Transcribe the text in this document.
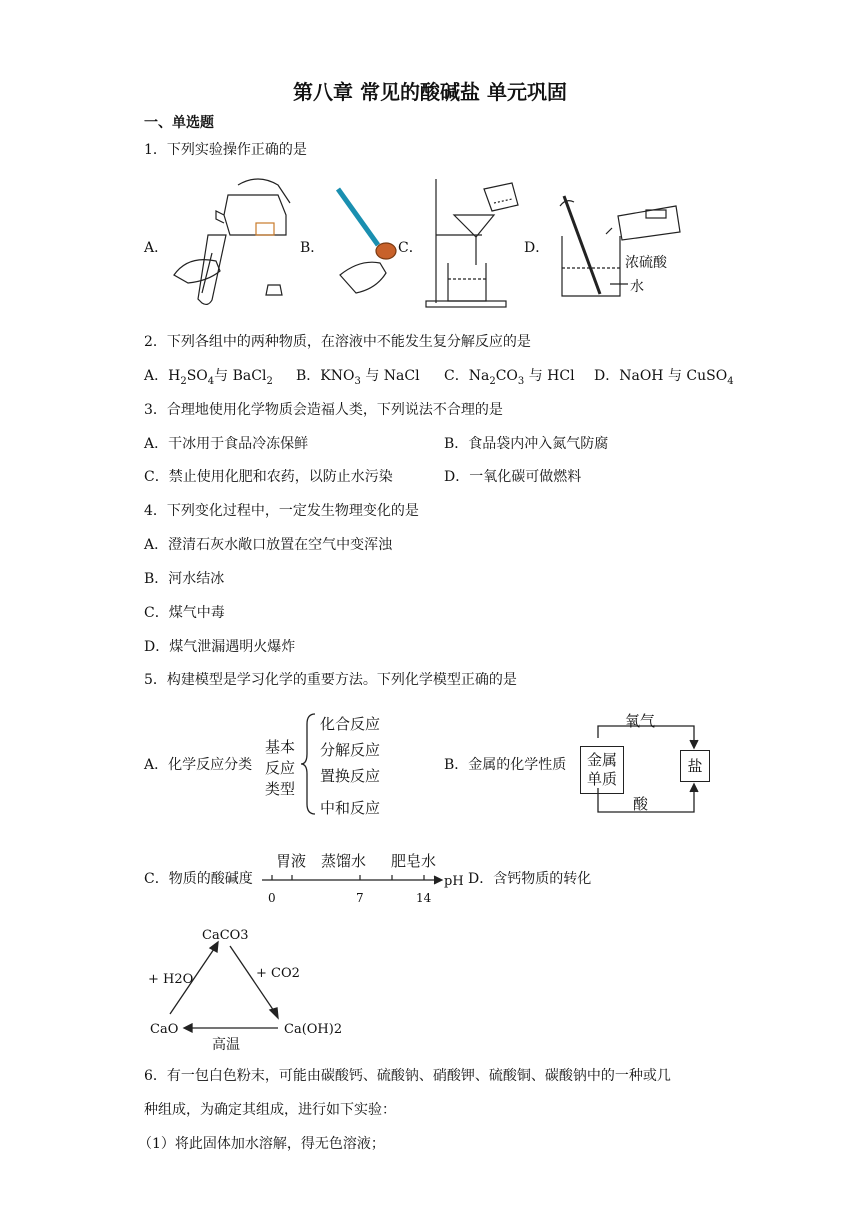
第八章 常见的酸碱盐 单元巩固
一、单选题
1．下列实验操作正确的是
A．	B．	C．	D．
浓硫酸
水
2．下列各组中的两种物质，在溶液中不能发生复分解反应的是
A．$H_2SO_4$与 BaCl$_2$ B．$KNO_3$ 与 NaCl C．$Na_2CO_3$ 与 HCl D．NaOH 与 CuSO$_4$
3．合理地使用化学物质会造福人类，下列说法不合理的是
A．干冰用于食品冷冻保鲜	B．食品袋内冲入氮气防腐
C．禁止使用化肥和农药，以防止水污染	D．一氧化碳可做燃料
4．下列变化过程中，一定发生物理变化的是
A．澄清石灰水敞口放置在空气中变浑浊
B．河水结冰
C．煤气中毒
D．煤气泄漏遇明火爆炸
5．构建模型是学习化学的重要方法。下列化学模型正确的是
A．化学反应分类
基本
反应
类型
化合反应
分解反应
置换反应
中和反应
B．金属的化学性质	金属单质
盐
氧气
酸
C．物质的酸碱度
胃液 蒸馏水 肥皂水
0	7	14
pH D．含钙物质的转化
CaCO3
CaO	Ca(OH)2
+ H2O	+ CO2
高温
6．有一包白色粉末，可能由碳酸钙、硫酸钠、硝酸钾、硫酸铜、碳酸钠中的一种或几
种组成，为确定其组成，进行如下实验：
（1）将此固体加水溶解，得无色溶液；
